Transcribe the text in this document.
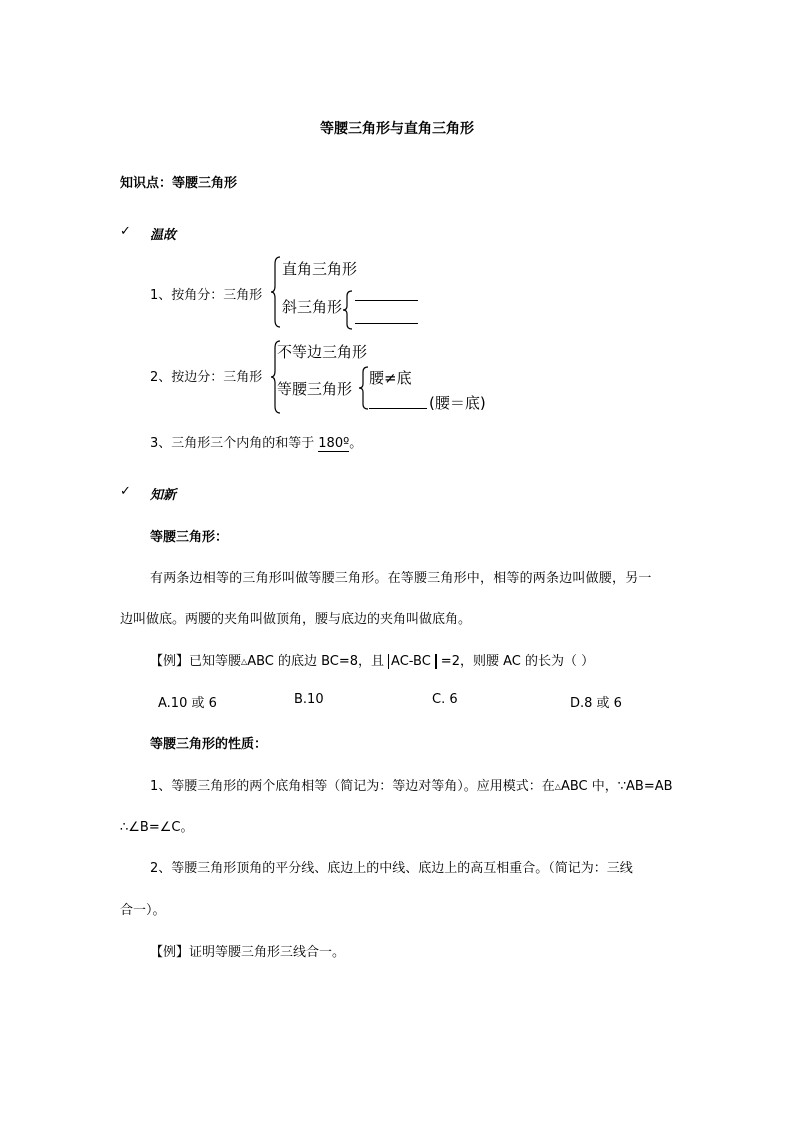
等腰三角形与直角三角形
知识点：等腰三角形
✓ 温故
1、按角分：三角形
直角三角形
斜三角形
2、按边分：三角形
不等边三角形
等腰三角形
腰≠底
(腰＝底)
3、三角形三个内角的和等于 180º。
✓ 知新
等腰三角形：
有两条边相等的三角形叫做等腰三角形。在等腰三角形中，相等的两条边叫做腰，另一
边叫做底。两腰的夹角叫做顶角，腰与底边的夹角叫做底角。
【例】已知等腰△ABC 的底边 BC=8，且 AC-BC =2，则腰 AC 的长为（ ）
A.10 或 6	B.10	C. 6	D.8 或 6
等腰三角形的性质：
1、等腰三角形的两个底角相等（简记为：等边对等角）。应用模式：在△ABC 中，∵AB=AB
∴∠B=∠C。
2、等腰三角形顶角的平分线、底边上的中线、底边上的高互相重合。（简记为：三线
合一）。
【例】证明等腰三角形三线合一。
